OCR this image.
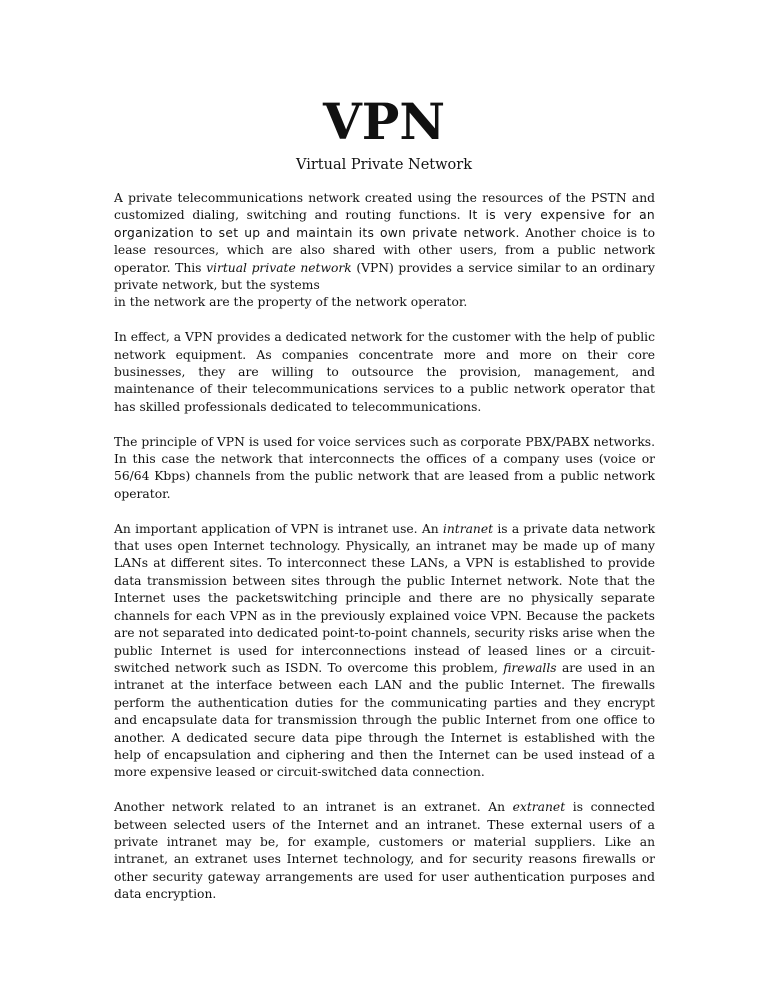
VPN
Virtual Private Network

A private telecommunications network created using the resources of the PSTN and customized dialing, switching and routing functions. It is very expensive for an organization to set up and maintain its own private network. Another choice is to lease resources, which are also shared with other users, from a public network operator. This virtual private network (VPN) provides a service similar to an ordinary private network, but the systems
in the network are the property of the network operator.

In effect, a VPN provides a dedicated network for the customer with the help of public network equipment. As companies concentrate more and more on their core businesses, they are willing to outsource the provision, management, and maintenance of their telecommunications services to a public network operator that has skilled professionals dedicated to telecommunications.

The principle of VPN is used for voice services such as corporate PBX/PABX networks. In this case the network that interconnects the offices of a company uses (voice or 56/64 Kbps) channels from the public network that are leased from a public network operator.

An important application of VPN is intranet use. An intranet is a private data network that uses open Internet technology. Physically, an intranet may be made up of many LANs at different sites. To interconnect these LANs, a VPN is established to provide data transmission between sites through the public Internet network. Note that the Internet uses the packetswitching principle and there are no physically separate channels for each VPN as in the previously explained voice VPN. Because the packets are not separated into dedicated point-to-point channels, security risks arise when the public Internet is used for interconnections instead of leased lines or a circuit-switched network such as ISDN. To overcome this problem, firewalls are used in an intranet at the interface between each LAN and the public Internet. The firewalls perform the authentication duties for the communicating parties and they encrypt and encapsulate data for transmission through the public Internet from one office to another. A dedicated secure data pipe through the Internet is established with the help of encapsulation and ciphering and then the Internet can be used instead of a more expensive leased or circuit-switched data connection.

Another network related to an intranet is an extranet. An extranet is connected between selected users of the Internet and an intranet. These external users of a private intranet may be, for example, customers or material suppliers. Like an intranet, an extranet uses Internet technology, and for security reasons firewalls or other security gateway arrangements are used for user authentication purposes and data encryption.
